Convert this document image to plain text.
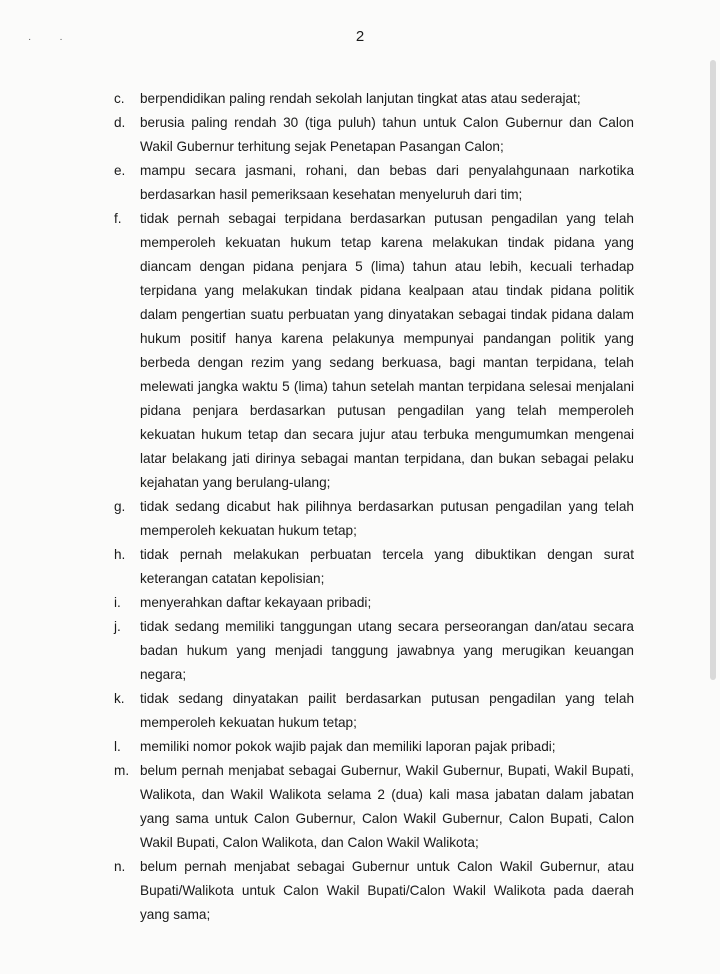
··	2
c.	berpendidikan paling rendah sekolah lanjutan tingkat atas atau sederajat;
d.	berusia paling rendah 30 (tiga puluh) tahun untuk Calon Gubernur dan Calon
Wakil Gubernur terhitung sejak Penetapan Pasangan Calon;
e.	mampu secara jasmani, rohani, dan bebas dari penyalahgunaan narkotika
berdasarkan hasil pemeriksaan kesehatan menyeluruh dari tim;
f.	tidak pernah sebagai terpidana berdasarkan putusan pengadilan yang telah
memperoleh kekuatan hukum tetap karena melakukan tindak pidana yang
diancam dengan pidana penjara 5 (lima) tahun atau lebih, kecuali terhadap
terpidana yang melakukan tindak pidana kealpaan atau tindak pidana politik
dalam pengertian suatu perbuatan yang dinyatakan sebagai tindak pidana dalam
hukum positif hanya karena pelakunya mempunyai pandangan politik yang
berbeda dengan rezim yang sedang berkuasa, bagi mantan terpidana, telah
melewati jangka waktu 5 (lima) tahun setelah mantan terpidana selesai menjalani
pidana penjara berdasarkan putusan pengadilan yang telah memperoleh
kekuatan hukum tetap dan secara jujur atau terbuka mengumumkan mengenai
latar belakang jati dirinya sebagai mantan terpidana, dan bukan sebagai pelaku
kejahatan yang berulang-ulang;
g.	tidak sedang dicabut hak pilihnya berdasarkan putusan pengadilan yang telah
memperoleh kekuatan hukum tetap;
h.	tidak pernah melakukan perbuatan tercela yang dibuktikan dengan surat
keterangan catatan kepolisian;
i.	menyerahkan daftar kekayaan pribadi;
j.	tidak sedang memiliki tanggungan utang secara perseorangan dan/atau secara
badan hukum yang menjadi tanggung jawabnya yang merugikan keuangan
negara;
k.	tidak sedang dinyatakan pailit berdasarkan putusan pengadilan yang telah
memperoleh kekuatan hukum tetap;
l.	memiliki nomor pokok wajib pajak dan memiliki laporan pajak pribadi;
m. belum pernah menjabat sebagai Gubernur, Wakil Gubernur, Bupati, Wakil Bupati,
Walikota, dan Wakil Walikota selama 2 (dua) kali masa jabatan dalam jabatan
yang sama untuk Calon Gubernur, Calon Wakil Gubernur, Calon Bupati, Calon
Wakil Bupati, Calon Walikota, dan Calon Wakil Walikota;
n.	belum pernah menjabat sebagai Gubernur untuk Calon Wakil Gubernur, atau
Bupati/Walikota untuk Calon Wakil Bupati/Calon Wakil Walikota pada daerah
yang sama;
